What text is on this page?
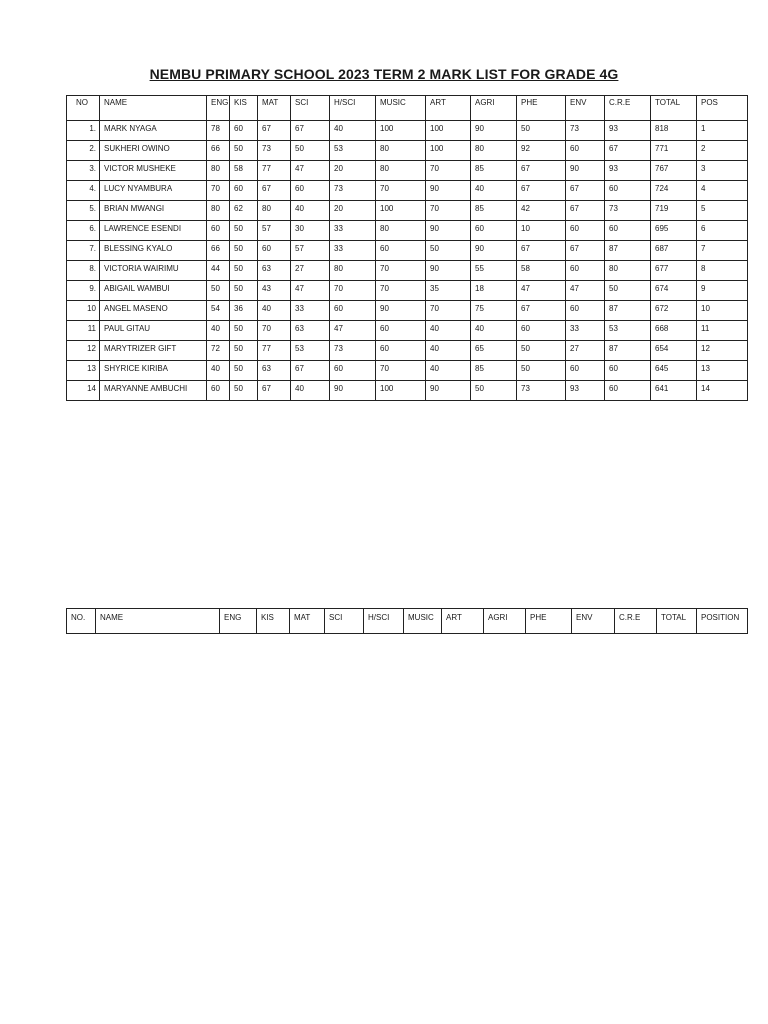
NEMBU PRIMARY SCHOOL 2023 TERM 2 MARK LIST FOR GRADE 4G
NO	NAME	ENG	KIS	MAT	SCI	H/SCI	MUSIC	ART	AGRI	PHE	ENV	C.R.E	TOTAL	POS
1.	MARK NYAGA	78	60	67	67	40	100	100	90	50	73	93	818	1
2.	SUKHERI OWINO	66	50	73	50	53	80	100	80	92	60	67	771	2
3.	VICTOR MUSHEKE	80	58	77	47	20	80	70	85	67	90	93	767	3
4.	LUCY NYAMBURA	70	60	67	60	73	70	90	40	67	67	60	724	4
5.	BRIAN MWANGI	80	62	80	40	20	100	70	85	42	67	73	719	5
6.	LAWRENCE ESENDI	60	50	57	30	33	80	90	60	10	60	60	695	6
7.	BLESSING KYALO	66	50	60	57	33	60	50	90	67	67	87	687	7
8.	VICTORIA WAIRIMU	44	50	63	27	80	70	90	55	58	60	80	677	8
9.	ABIGAIL WAMBUI	50	50	43	47	70	70	35	18	47	47	50	674	9
10	ANGEL MASENO	54	36	40	33	60	90	70	75	67	60	87	672	10
11	PAUL GITAU	40	50	70	63	47	60	40	40	60	33	53	668	11
12	MARYTRIZER GIFT	72	50	77	53	73	60	40	65	50	27	87	654	12
13	SHYRICE KIRIBA	40	50	63	67	60	70	40	85	50	60	60	645	13
14	MARYANNE AMBUCHI	60	50	67	40	90	100	90	50	73	93	60	641	14
NO.	NAME	ENG	KIS	MAT	SCI	H/SCI	MUSIC	ART	AGRI	PHE	ENV	C.R.E	TOTAL	POSITION
